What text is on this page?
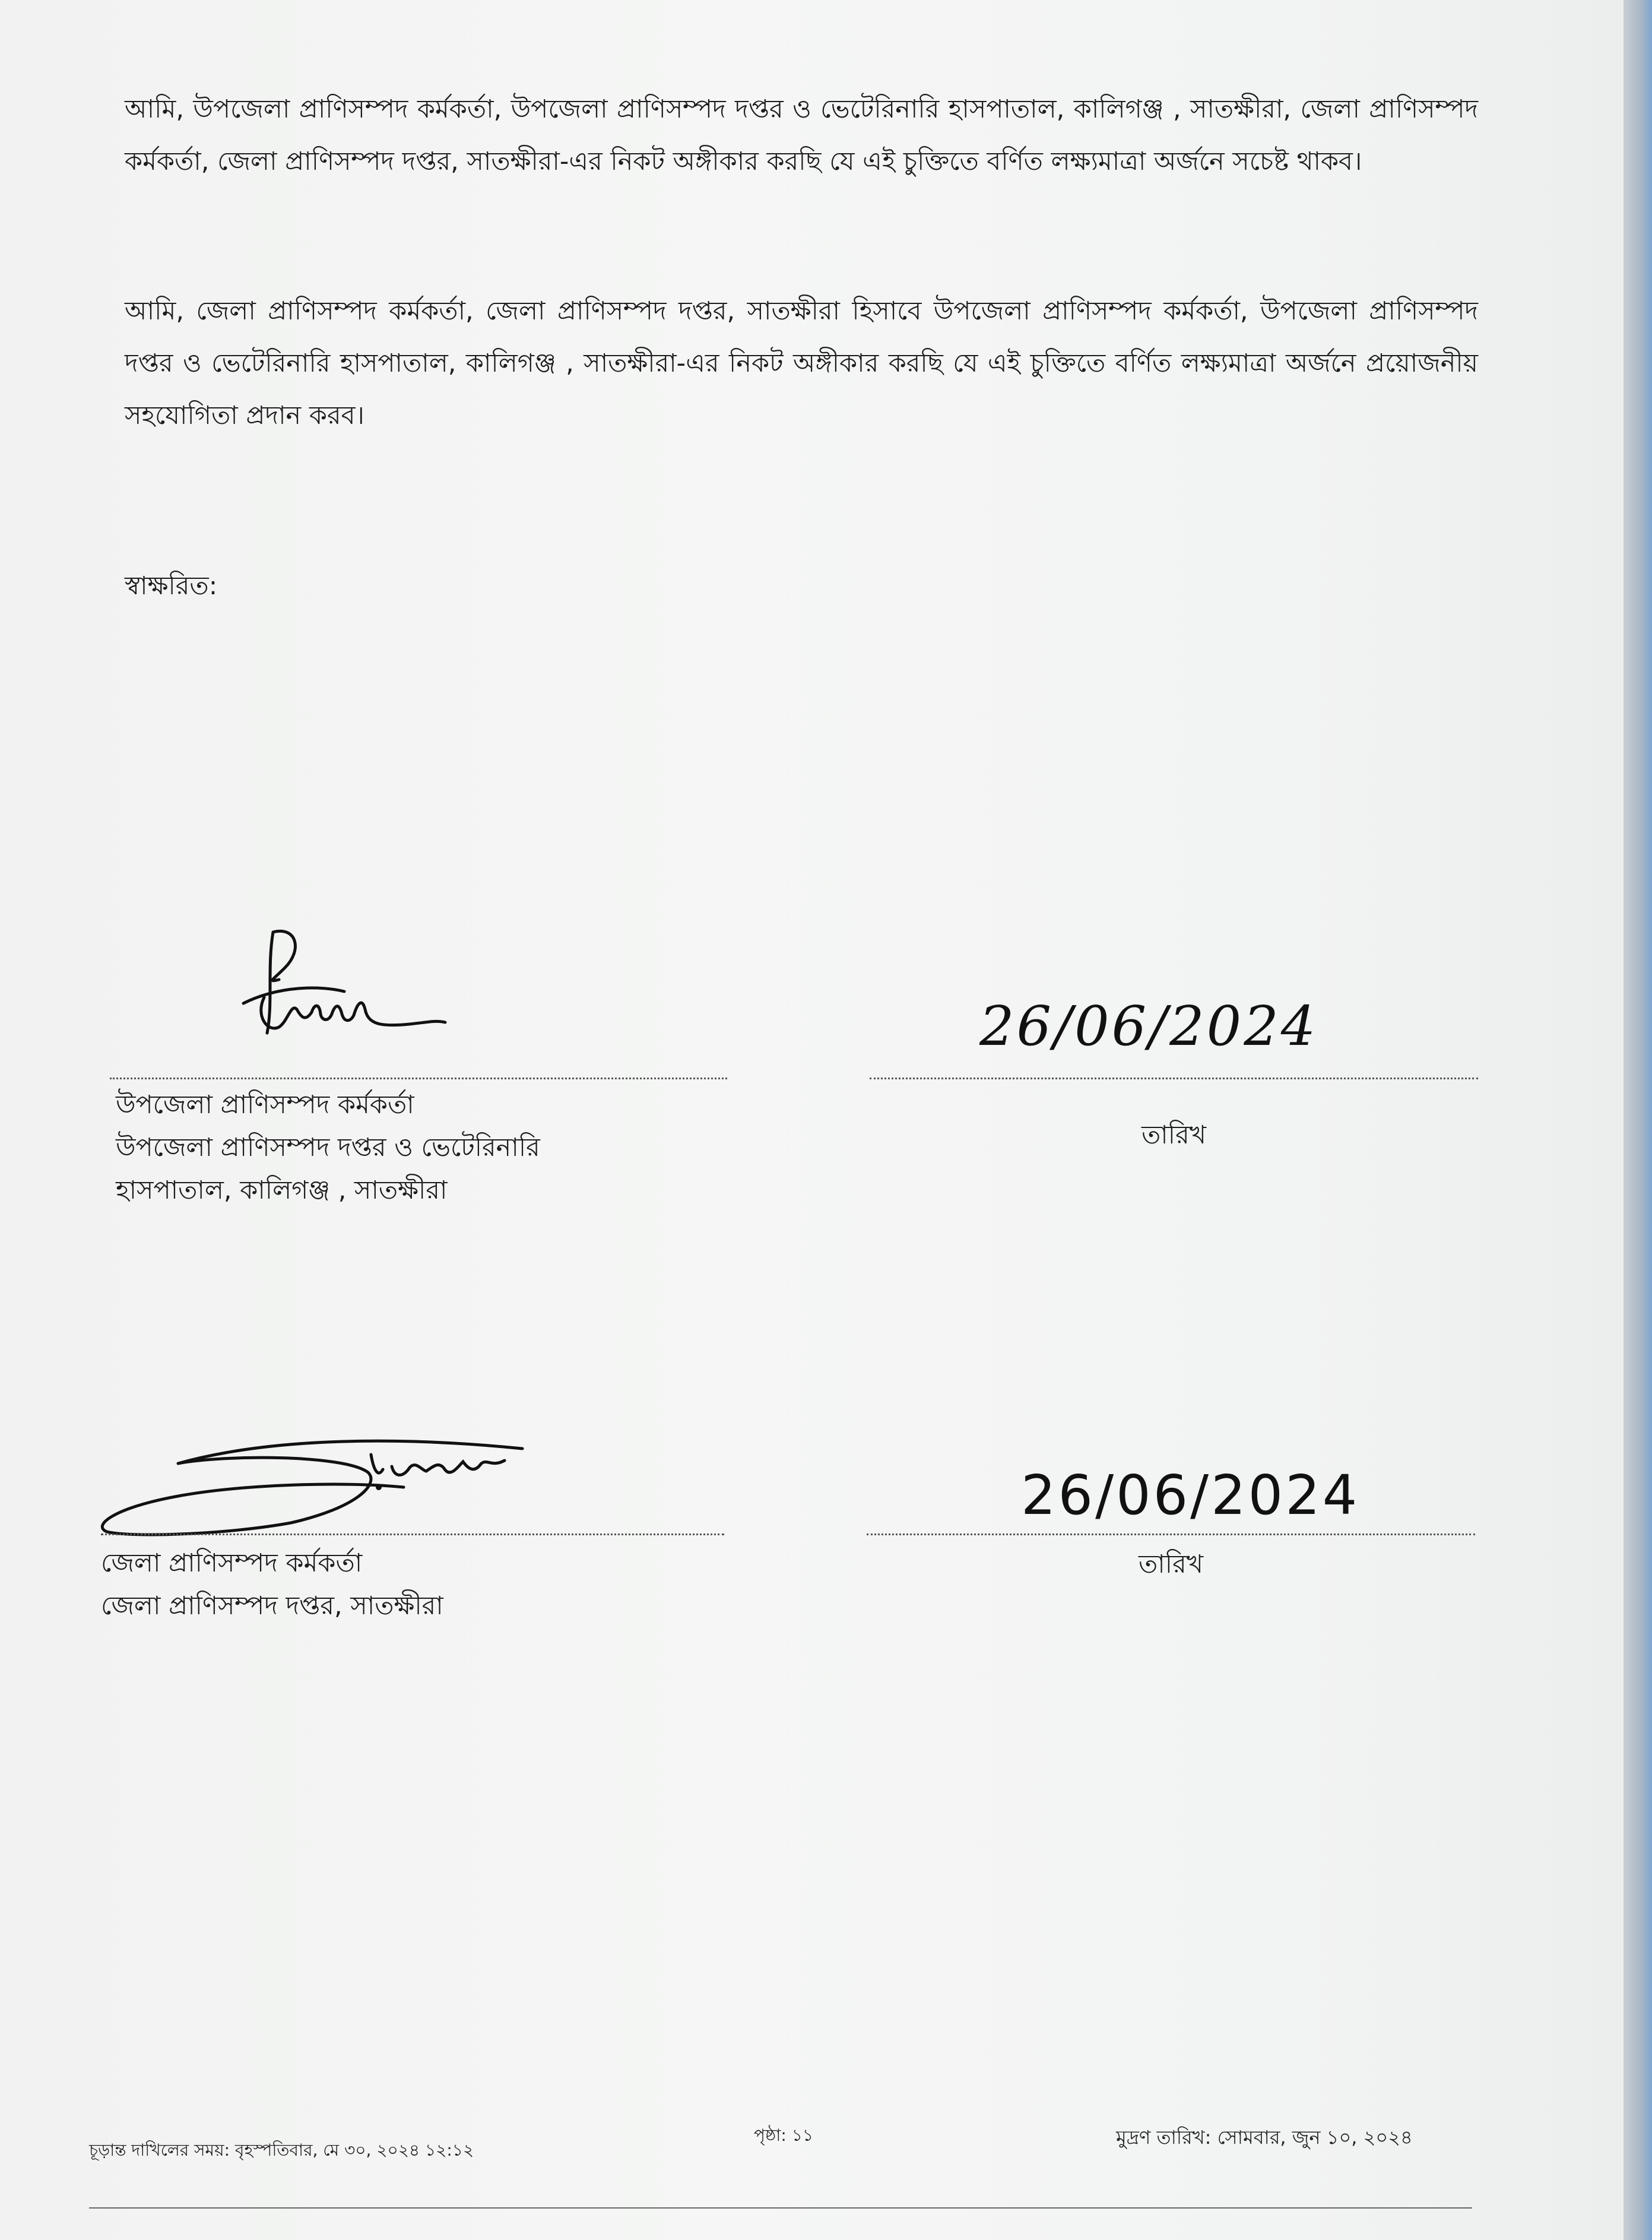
আমি, উপজেলা প্রাণিসম্পদ কর্মকর্তা, উপজেলা প্রাণিসম্পদ দপ্তর ও ভেটেরিনারি হাসপাতাল, কালিগঞ্জ , সাতক্ষীরা, জেলা প্রাণিসম্পদ কর্মকর্তা, জেলা প্রাণিসম্পদ দপ্তর, সাতক্ষীরা-এর নিকট অঙ্গীকার করছি যে এই চুক্তিতে বর্ণিত লক্ষ্যমাত্রা অর্জনে সচেষ্ট থাকব।

আমি, জেলা প্রাণিসম্পদ কর্মকর্তা, জেলা প্রাণিসম্পদ দপ্তর, সাতক্ষীরা হিসাবে উপজেলা প্রাণিসম্পদ কর্মকর্তা, উপজেলা প্রাণিসম্পদ দপ্তর ও ভেটেরিনারি হাসপাতাল, কালিগঞ্জ , সাতক্ষীরা-এর নিকট অঙ্গীকার করছি যে এই চুক্তিতে বর্ণিত লক্ষ্যমাত্রা অর্জনে প্রয়োজনীয় সহযোগিতা প্রদান করব।

স্বাক্ষরিত:

উপজেলা প্রাণিসম্পদ কর্মকর্তা
উপজেলা প্রাণিসম্পদ দপ্তর ও ভেটেরিনারি
হাসপাতাল, কালিগঞ্জ , সাতক্ষীরা
26/06/2024

তারিখ

জেলা প্রাণিসম্পদ কর্মকর্তা
জেলা প্রাণিসম্পদ দপ্তর, সাতক্ষীরা
26/06/2024

তারিখ

চূড়ান্ত দাখিলের সময়: বৃহস্পতিবার, মে ৩০, ২০২৪ ১২:১২

পৃষ্ঠা: ১১	মুদ্রণ তারিখ: সোমবার, জুন ১০, ২০২৪
